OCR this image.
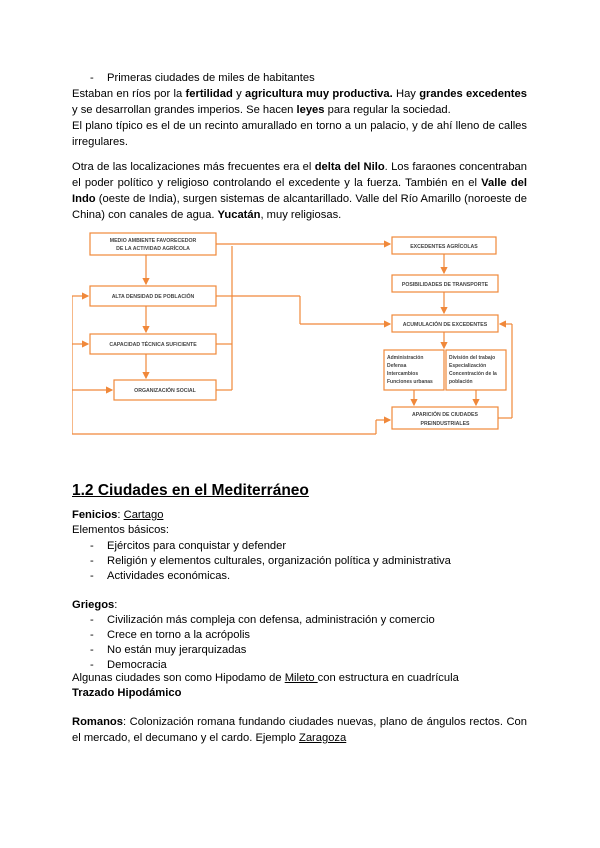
- Primeras ciudades de miles de habitantes
Estaban en ríos por la fertilidad y agricultura muy productiva. Hay grandes excedentes y se desarrollan grandes imperios. Se hacen leyes para regular la sociedad.
El plano típico es el de un recinto amurallado en torno a un palacio, y de ahí lleno de calles irregulares.
Otra de las localizaciones más frecuentes era el delta del Nilo. Los faraones concentraban el poder político y religioso controlando el excedente y la fuerza. También en el Valle del Indo (oeste de India), surgen sistemas de alcantarillado. Valle del Río Amarillo (noroeste de China) con canales de agua. Yucatán, muy religiosas.
MEDIO AMBIENTE FAVORECEDOR
DE LA ACTIVIDAD AGRÍCOLA
ALTA DENSIDAD DE POBLACIÓN
CAPACIDAD TÉCNICA SUFICIENTE
ORGANIZACIÓN SOCIAL
EXCEDENTES AGRÍCOLAS
POSIBILIDADES DE TRANSPORTE
ACUMULACIÓN DE EXCEDENTES
APARICIÓN DE CIUDADES
PREINDUSTRIALES
Administración
Defensa
Intercambios
Funciones urbanas
División del trabajo
Especialización
Concentración de la
población
1.2 Ciudades en el Mediterráneo
Fenicios: Cartago
Elementos básicos:
- Ejércitos para conquistar y defender
- Religión y elementos culturales, organización política y administrativa
- Actividades económicas.
Griegos:
- Civilización más compleja con defensa, administración y comercio
- Crece en torno a la acrópolis
- No están muy jerarquizadas
- Democracia
Algunas ciudades son como Hipodamo de Mileto con estructura en cuadrícula
Trazado Hipodámico
Romanos: Colonización romana fundando ciudades nuevas, plano de ángulos rectos. Con el mercado, el decumano y el cardo. Ejemplo Zaragoza
